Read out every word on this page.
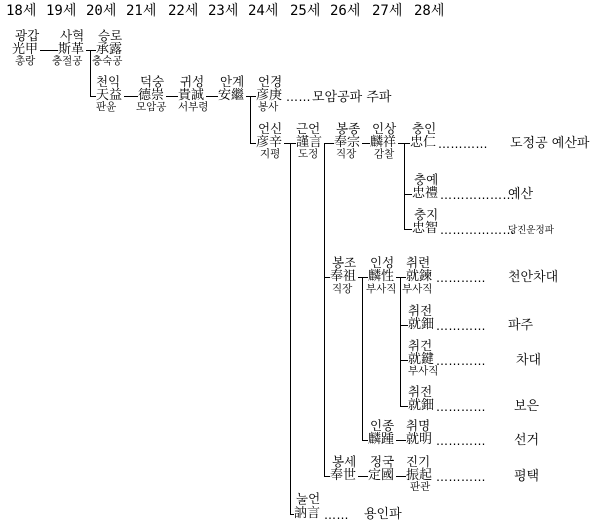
18세 19세 20세 21세 22세 23세 24세 25세 26세 27세 28세
광갑
光甲
총랑
사혁
斯革
충절공
승로
承露
충숙공
천익
天益
판윤
덕숭
德崇
모암공
귀성
貴誠
서부령
안계
安繼
언경
彦庚
봉사
언신
彦辛
지평
근언
謹言
도정
봉종
奉宗
직장
인상
麟祥
감찰
충인
忠仁
충예
忠禮
충지
忠智
봉조
奉祖
직장
인성
麟性
부사직
취련
就鍊
부사직
취전
就鈿
취건
就鍵
부사직
취전
就鈿
인종
麟踵
취명
就明
봉세
奉世
정국
定國
진기
振起
판관
눌언
訥言
……
…………
………………
………………
…………
…………
…………
…………
…………
…………
……
모암공파 주파
도정공 예산파
예산
당진운정파
천안차대
파주
차대
보은
선거
평택
용인파
